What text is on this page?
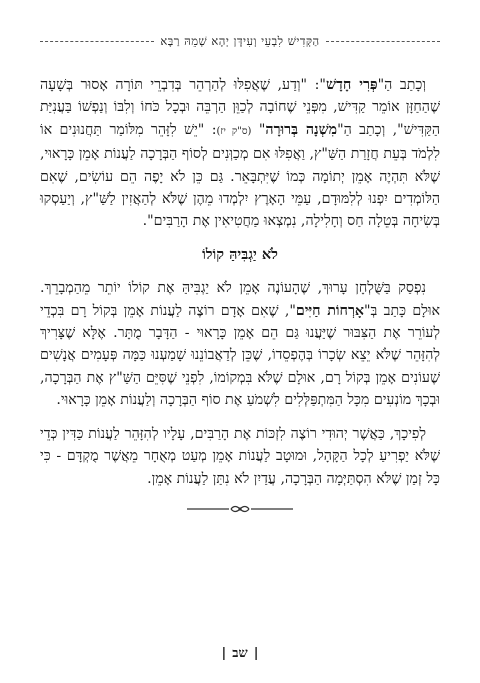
הַקְּדִישׁ לִבְעֵי וְעִידָּן יְהָא שְׁמֵהּ רַבָּא

וְכָתַב הַ"פְּרִי חָדָשׁ": "וְדַע, שֶׁאֲפִלּוּ לְהַרְהֵר בְּדִבְרֵי תּוֹרָה אָסוּר בְּשָׁעָה שֶׁהַחַזָּן אוֹמֵר קַדִּישׁ, מִפְּנֵי שֶׁחוֹבָה לְכַוֵּן הַרְבֵּה וּבְכָל כֹּחוֹ וְלִבּוֹ וְנַפְשׁוֹ בַּעֲנִיַּת הַקַּדִּישׁ", וְכָתַב הַ"מִשְׁנָה בְּרוּרָה" (ס"ק יז): "יֵשׁ לִזָּהֵר מִלּוֹמַר תַּחֲנוּנִים אוֹ לִלְמֹד בְּעֵת חֲזָרַת הַשַּׁ"ץ, וַאֲפִלּוּ אִם מְכַוְּנִים לְסוֹף הַבְּרָכָה לַעֲנוֹת אָמֵן כָּרָאוּי, שֶׁלֹּא תִּהְיֶה אָמֵן יְתוֹמָה כְּמוֹ שֶׁיִּתְבָּאֵר. גַּם כֵּן לֹא יָפֶה הֵם עוֹשִׂים, שֶׁאִם הַלּוֹמְדִים יִפְנוּ לְלִמּוּדָם, עַמֵּי הָאָרֶץ יִלְמְדוּ מֵהֶן שֶׁלֹּא לְהַאֲזִין לַשַּׁ"ץ, וְיַעַסְקוּ בְּשִׂיחָה בְּטֵלָה חַס וְחָלִילָה, נִמְצְאוּ מַחֲטִיאִין אֶת הָרַבִּים".

לֹא יַגְבִּיהַּ קוֹלוֹ

נִפְסַק בַּשֻּׁלְחָן עָרוּךְ, שֶׁהָעוֹנֶה אָמֵן לֹא יַגְבִּיהַּ אֶת קוֹלוֹ יוֹתֵר מֵהַמְבָרֵךְ. אוּלָם כָּתַב בְּ"אָרְחוֹת חַיִּים", שֶׁאִם אָדָם רוֹצֶה לַעֲנוֹת אָמֵן בְּקוֹל רָם בִּכְדֵי לְעוֹרֵר אֶת הַצִּבּוּר שֶׁיַּעֲנוּ גַּם הֵם אָמֵן כָּרָאוּי - הַדָּבָר מֻתָּר. אֶלָּא שֶׁצָּרִיךְ לְהִזָּהֵר שֶׁלֹּא יֵצֵא שְׂכָרוֹ בְּהֶפְסֵדוֹ, שֶׁכֵּן לְדַאֲבוֹנֵנוּ שָׁמַעְנוּ כַּמָּה פְּעָמִים אֲנָשִׁים שֶׁעוֹנִים אָמֵן בְּקוֹל רָם, אוּלָם שֶׁלֹּא בִּמְקוֹמוֹ, לִפְנֵי שֶׁסִּיֵּם הַשַּׁ"ץ אֶת הַבְּרָכָה, וּבְכָךְ מוֹנְעִים מִכָּל הַמִּתְפַּלְּלִים לִשְׁמֹעַ אֶת סוֹף הַבְּרָכָה וְלַעֲנוֹת אָמֵן כָּרָאוּי.

לְפִיכָךְ, כַּאֲשֶׁר יְהוּדִי רוֹצֶה לִזְכּוֹת אֶת הָרַבִּים, עָלָיו לְהִזָּהֵר לַעֲנוֹת כַּדִּין כְּדֵי שֶׁלֹּא יַפְרִיעַ לְכָל הַקָּהָל, וּמוּטָב לַעֲנוֹת אָמֵן מְעַט מְאֻחָר מֵאֲשֶׁר מֻקְדָּם - כִּי כָּל זְמַן שֶׁלֹּא הִסְתַּיְּמָה הַבְּרָכָה, עֲדַיִן לֹא נִתַּן לַעֲנוֹת אָמֵן.

|שב|
